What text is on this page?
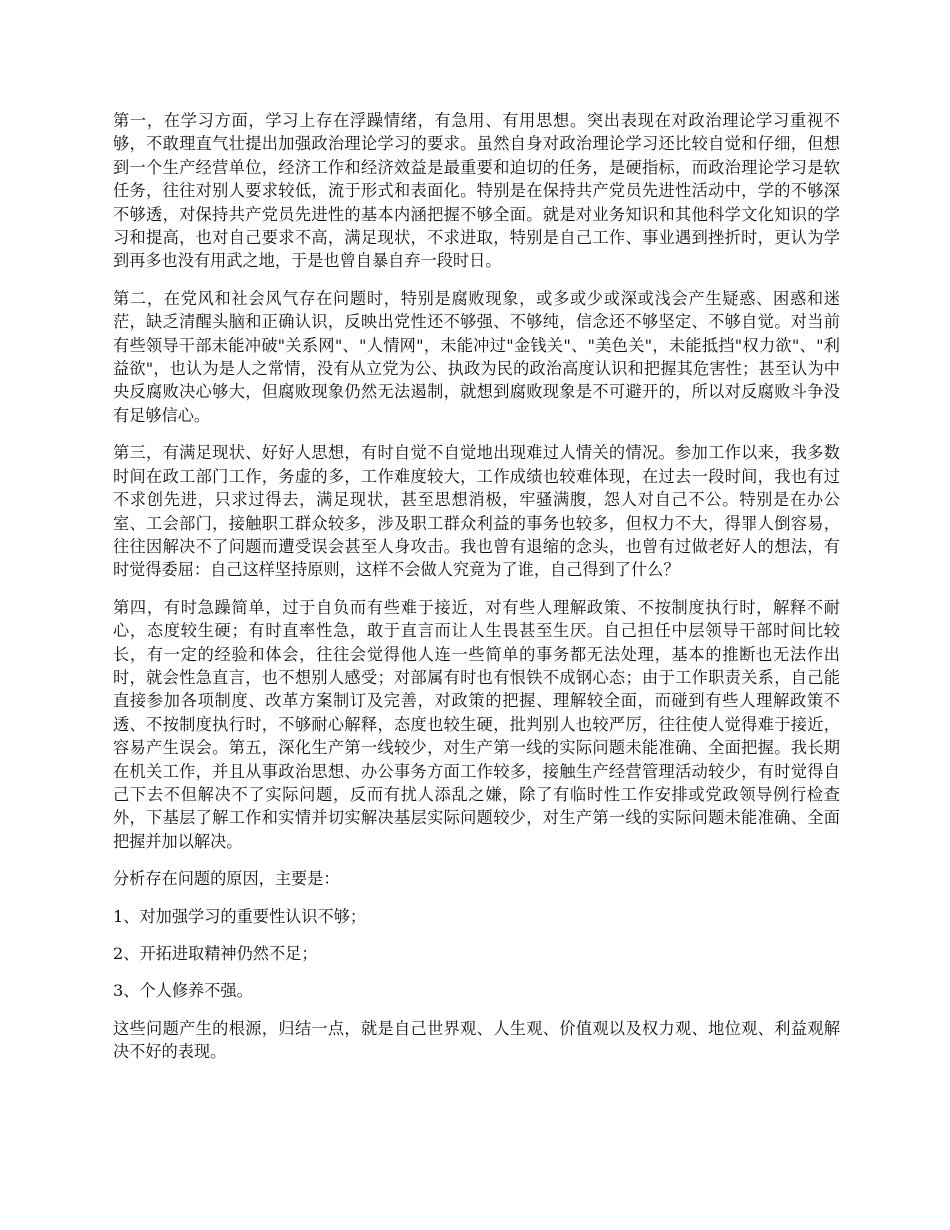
第一，在学习方面，学习上存在浮躁情绪，有急用、有用思想。突出表现在对政治理论学习重视不够，不敢理直气壮提出加强政治理论学习的要求。虽然自身对政治理论学习还比较自觉和仔细，但想到一个生产经营单位，经济工作和经济效益是最重要和迫切的任务，是硬指标，而政治理论学习是软任务，往往对别人要求较低，流于形式和表面化。特别是在保持共产党员先进性活动中，学的不够深不够透，对保持共产党员先进性的基本内涵把握不够全面。就是对业务知识和其他科学文化知识的学习和提高，也对自己要求不高，满足现状，不求进取，特别是自己工作、事业遇到挫折时，更认为学到再多也没有用武之地，于是也曾自暴自弃一段时日。

第二，在党风和社会风气存在问题时，特别是腐败现象，或多或少或深或浅会产生疑惑、困惑和迷茫，缺乏清醒头脑和正确认识，反映出党性还不够强、不够纯，信念还不够坚定、不够自觉。对当前有些领导干部未能冲破"关系网"、"人情网"，未能冲过"金钱关"、"美色关"，未能抵挡"权力欲"、"利益欲"，也认为是人之常情，没有从立党为公、执政为民的政治高度认识和把握其危害性；甚至认为中央反腐败决心够大，但腐败现象仍然无法遏制，就想到腐败现象是不可避开的，所以对反腐败斗争没有足够信心。

第三，有满足现状、好好人思想，有时自觉不自觉地出现难过人情关的情况。参加工作以来，我多数时间在政工部门工作，务虚的多，工作难度较大，工作成绩也较难体现，在过去一段时间，我也有过不求创先进，只求过得去，满足现状，甚至思想消极，牢骚满腹，怨人对自己不公。特别是在办公室、工会部门，接触职工群众较多，涉及职工群众利益的事务也较多，但权力不大，得罪人倒容易，往往因解决不了问题而遭受误会甚至人身攻击。我也曾有退缩的念头，也曾有过做老好人的想法，有时觉得委屈：自己这样坚持原则，这样不会做人究竟为了谁，自己得到了什么？

第四，有时急躁简单，过于自负而有些难于接近，对有些人理解政策、不按制度执行时，解释不耐心，态度较生硬；有时直率性急，敢于直言而让人生畏甚至生厌。自己担任中层领导干部时间比较长，有一定的经验和体会，往往会觉得他人连一些简单的事务都无法处理，基本的推断也无法作出时，就会性急直言，也不想别人感受；对部属有时也有恨铁不成钢心态；由于工作职责关系，自己能直接参加各项制度、改革方案制订及完善，对政策的把握、理解较全面，而碰到有些人理解政策不透、不按制度执行时，不够耐心解释，态度也较生硬，批判别人也较严厉，往往使人觉得难于接近，容易产生误会。第五，深化生产第一线较少，对生产第一线的实际问题未能准确、全面把握。我长期在机关工作，并且从事政治思想、办公事务方面工作较多，接触生产经营管理活动较少，有时觉得自己下去不但解决不了实际问题，反而有扰人添乱之嫌，除了有临时性工作安排或党政领导例行检查外，下基层了解工作和实情并切实解决基层实际问题较少，对生产第一线的实际问题未能准确、全面把握并加以解决。

分析存在问题的原因，主要是：

1、对加强学习的重要性认识不够；

2、开拓进取精神仍然不足；

3、个人修养不强。

这些问题产生的根源，归结一点，就是自己世界观、人生观、价值观以及权力观、地位观、利益观解决不好的表现。
